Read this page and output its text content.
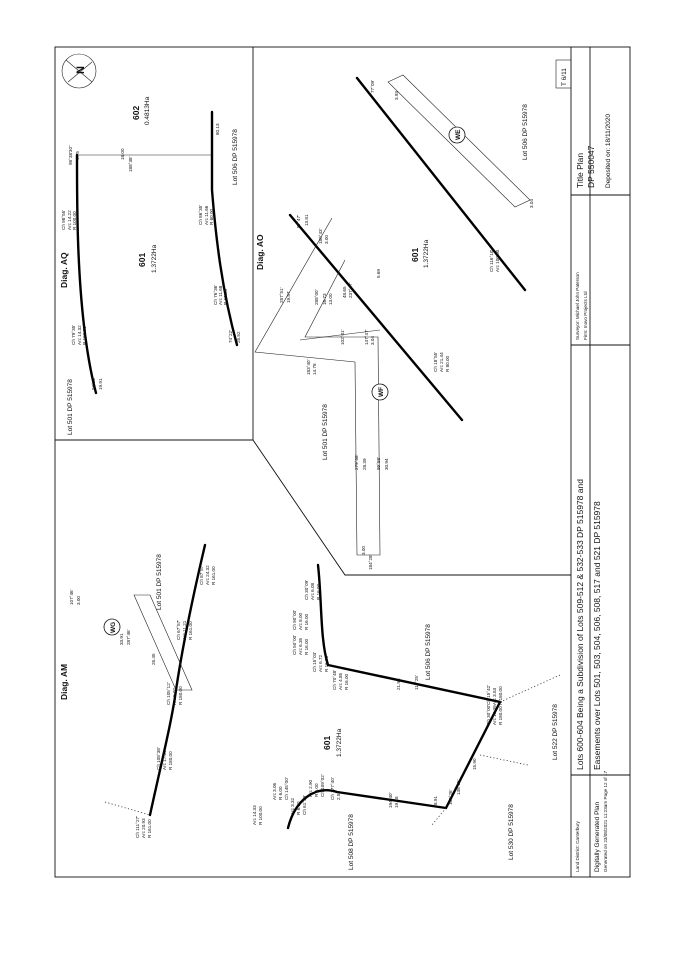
N	T 6/11
Diag. AQ
602 0.4813Ha
601 1.3722Ha
Lot 501 DP 515978
Lot 506 DP 515978
188°38'
18.00
98°38'30" 4.75
80.13
Ch 86°35' Arc 11.66 R 60.00
Ch 98°55' Arc 14.22 R 100.00
Ch 79°35' Arc 14.32 R 100.00
Ch 76°36' Arc 11.68 R 60.00
74°22' 25.52
94°22' 19.91
WE
WF
Diag. AO	601 1.3722Ha
Lot 501 DP 515978
Lot 506 DP 515978
57°47' 13.81
48.65 237°47'
287°51' 19.57
180°43' 3.00
16.73
147°47'
5.69
288°00' 13.00
102°01'	3.04
183°40' 14.78
279°58' 28.39 99°58' 30.94
3.00
184°28'
3.93
77°09'
3.04
Ch 18°55' Arc 21.44 R 80.00
Ch 116°10' Arc 100.00
WG
Diag. AM
601 1.3722Ha
Lot 501 DP 515978
Lot 506 DP 515978
Lot 508 DP 515978	Lot 530 DP 515978
Lot 522 DP 515978
107°46' 3.00
287°46'
33.91
26.45
Ch 67°57' Arc 11.21 R 161.00
Ch 87°57' Arc 24.32 R 161.00
Ch 105°12' Arc 5.02 R 180.00
Ch 108°38' Arc 17.86 R 180.00
Ch 111°27' Arc 20.93 R 161.00
Ch 30°09' Arc 6.08 R 16.00
Ch 90°00' Arc 8.00 R 16.00
Ch 50°00' Arc 6.35 R 16.00
Ch 15°03' Arc 6.72 R 16.00
Ch 70°48' Arc 4.85 R 16.00	21.96	111°25'
Ch 30°00' Arc 10.39 R 180.00
Ch 15°42' Arc 3.53 R 180.00
138°05'
15.90
109°26'
8.91
19.38
194°40'
2.58
Ch 177°40'
Arc 2.90 R 6.00 Ch 109°02'
Arc 3.06 R 6.00 Ch 145°00'
Arc 3.32 R 6.00 Ch 61°59'
Arc 14.33 R 100.00
Lots 600-604 Being a Subdivision of Lots 509-512 & 532-533 DP 515978 and Easements over Lots 501, 503, 504, 506, 508, 517 and 521 DP 515978
Surveyor: Michael John Paterson Firm: Inovo Projects Ltd
Title Plan DP 550047 Deposited on: 18/11/2020
Land District: Canterbury Digitally Generated Plan Generated on 23/08/2021 11:23am Page 12 of 17
